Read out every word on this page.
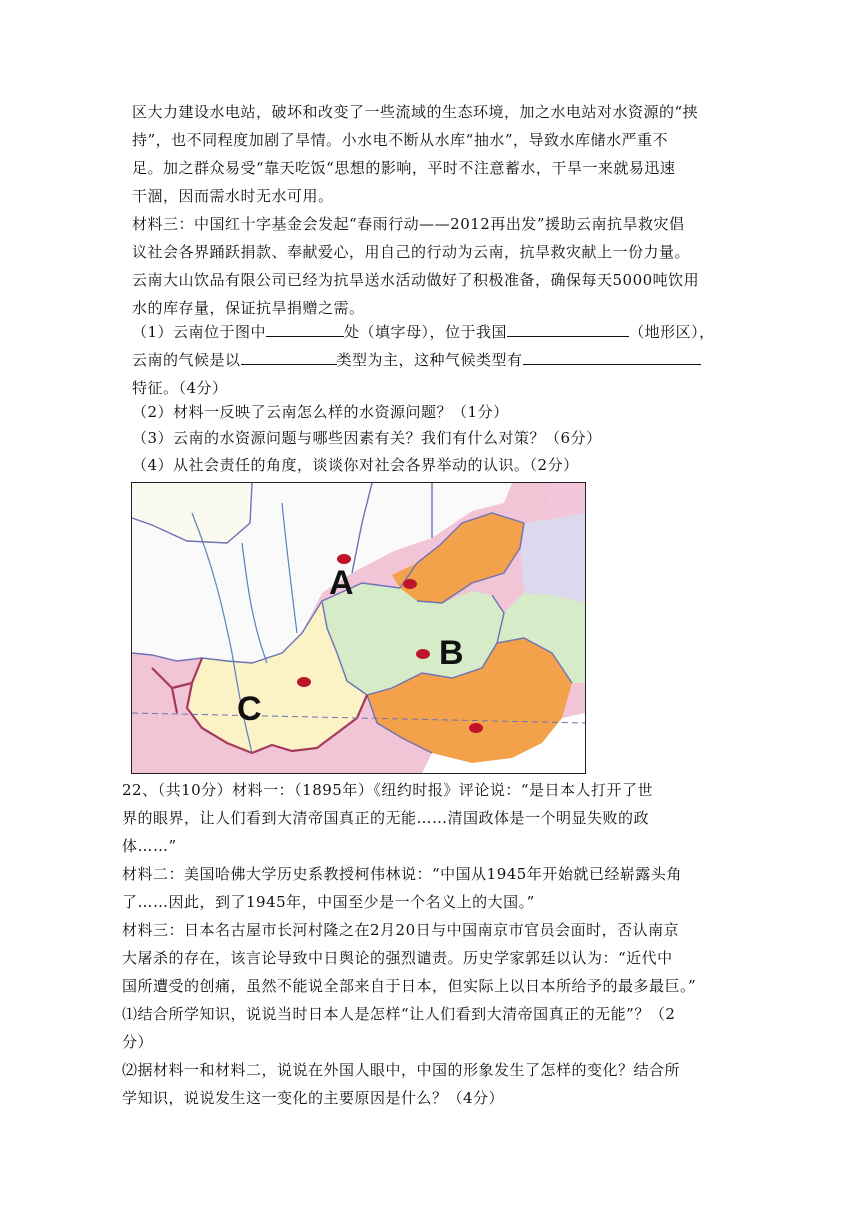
区大力建设水电站，破坏和改变了一些流域的生态环境，加之水电站对水资源的“挟

持”，也不同程度加剧了旱情。小水电不断从水库“抽水”，导致水库储水严重不

足。加之群众易受“靠天吃饭“思想的影响，平时不注意蓄水，干旱一来就易迅速

干涸，因而需水时无水可用。

材料三：中国红十字基金会发起“春雨行动——2012再出发”援助云南抗旱救灾倡

议社会各界踊跃捐款、奉献爱心，用自己的行动为云南，抗旱救灾献上一份力量。

云南大山饮品有限公司已经为抗旱送水活动做好了积极准备，确保每天5000吨饮用

水的库存量，保证抗旱捐赠之需。

（1）云南位于图中	处（填字母），位于我国	（地形区），

云南的气候是以	类型为主，这种气候类型有

特征。（4分）

（2）材料一反映了云南怎么样的水资源问题？（1分）

（3）云南的水资源问题与哪些因素有关？我们有什么对策？（6分）

（4）从社会责任的角度，谈谈你对社会各界举动的认识。（2分）

A
B
C

22、（共10分）材料一：（1895年）《纽约时报》评论说：“是日本人打开了世

界的眼界，让人们看到大清帝国真正的无能……清国政体是一个明显失败的政

体……”

材料二：美国哈佛大学历史系教授柯伟林说：“中国从1945年开始就已经崭露头角

了……因此，到了1945年，中国至少是一个名义上的大国。”

材料三：日本名古屋市长河村隆之在2月20日与中国南京市官员会面时，否认南京

大屠杀的存在，该言论导致中日舆论的强烈谴责。历史学家郭廷以认为：“近代中

国所遭受的创痛，虽然不能说全部来自于日本，但实际上以日本所给予的最多最巨。”

⑴结合所学知识，说说当时日本人是怎样“让人们看到大清帝国真正的无能”？（2

分）

⑵据材料一和材料二，说说在外国人眼中，中国的形象发生了怎样的变化？结合所

学知识，说说发生这一变化的主要原因是什么？（4分）
